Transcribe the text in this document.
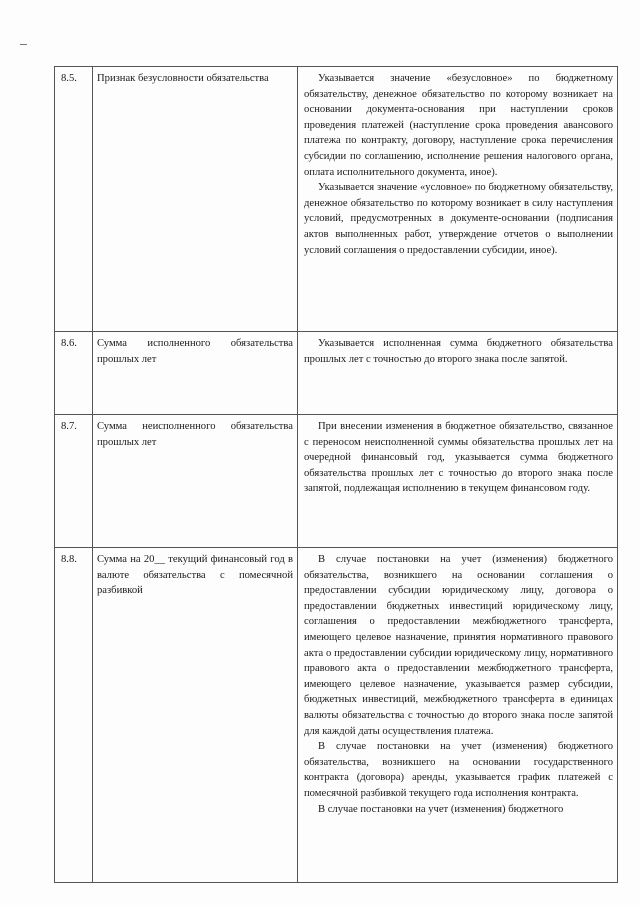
8.5.	Признак безусловности обязательства	Указывается значение «безусловное» по бюджетному обязательству, денежное обязательство по которому возникает на основании документа-основания при наступлении сроков проведения платежей (наступление срока проведения авансового платежа по контракту, договору, наступление срока перечисления субсидии по соглашению, исполнение решения налогового органа, оплата исполнительного документа, иное).

Указывается значение «условное» по бюджетному обязательству, денежное обязательство по которому возникает в силу наступления условий, предусмотренных в документе-основании (подписания актов выполненных работ, утверждение отчетов о выполнении условий соглашения о предоставлении субсидии, иное).

8.6.	Сумма исполненного обязательства прошлых лет	Указывается исполненная сумма бюджетного обязательства прошлых лет с точностью до второго знака после запятой.

8.7.	Сумма неисполненного обязательства прошлых лет	При внесении изменения в бюджетное обязательство, связанное с переносом неисполненной суммы обязательства прошлых лет на очередной финансовый год, указывается сумма бюджетного обязательства прошлых лет с точностью до второго знака после запятой, подлежащая исполнению в текущем финансовом году.

8.8.	Сумма на 20__ текущий финансовый год в валюте обязательства с помесячной разбивкой	В случае постановки на учет (изменения) бюджетного обязательства, возникшего на основании соглашения о предоставлении субсидии юридическому лицу, договора о предоставлении бюджетных инвестиций юридическому лицу, соглашения о предоставлении межбюджетного трансферта, имеющего целевое назначение, принятия нормативного правового акта о предоставлении субсидии юридическому лицу, нормативного правового акта о предоставлении межбюджетного трансферта, имеющего целевое назначение, указывается размер субсидии, бюджетных инвестиций, межбюджетного трансферта в единицах валюты обязательства с точностью до второго знака после запятой для каждой даты осуществления платежа.

В случае постановки на учет (изменения) бюджетного обязательства, возникшего на основании государственного контракта (договора) аренды, указывается график платежей с помесячной разбивкой текущего года исполнения контракта.

В случае постановки на учет (изменения) бюджетного
